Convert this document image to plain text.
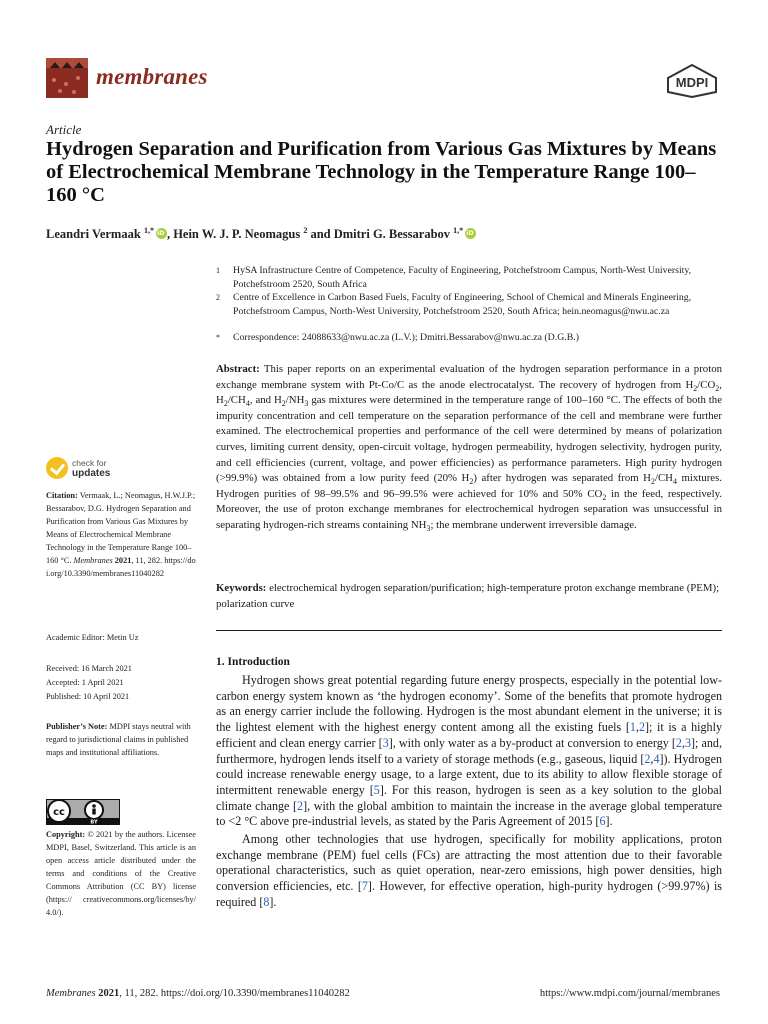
membranes	MDPI
Article
Hydrogen Separation and Purification from Various Gas Mixtures by Means of Electrochemical Membrane Technology in the Temperature Range 100–160 °C
Leandri Vermaak $^{1,*}$iD , Hein W. J. P. Neomagus $^2$ and Dmitri G. Bessarabov $^{1,*}$iD
1	HySA Infrastructure Centre of Competence, Faculty of Engineering, Potchefstroom Campus, North-West University, Potchefstroom 2520, South Africa
2	Centre of Excellence in Carbon Based Fuels, Faculty of Engineering, School of Chemical and Minerals Engineering, Potchefstroom Campus, North-West University, Potchefstroom 2520, South Africa; hein.neomagus@nwu.ac.za
*	Correspondence: 24088633@nwu.ac.za (L.V.); Dmitri.Bessarabov@nwu.ac.za (D.G.B.)
Abstract: This paper reports on an experimental evaluation of the hydrogen separation performance in a proton exchange membrane system with Pt-Co/C as the anode electrocatalyst. The recovery of hydrogen from $H_2/CO_2$, $H_2/CH_4$, and $H_2/NH_3$ gas mixtures were determined in the temperature range of 100–160 °C. The effects of both the impurity concentration and cell temperature on the separation performance of the cell and membrane were further examined. The electrochemical properties and performance of the cell were determined by means of polarization curves, limiting current density, open-circuit voltage, hydrogen permeability, hydrogen selectivity, hydrogen purity, and cell efficiencies (current, voltage, and power efficiencies) as performance parameters. High purity hydrogen (>99.9%) was obtained from a low purity feed (20% $H_2$) after hydrogen was separated from $H_2/CH_4$ mixtures. Hydrogen purities of 98–99.5% and 96–99.5% were achieved for 10% and 50% $CO_2$ in the feed, respectively. Moreover, the use of proton exchange membranes for electrochemical hydrogen separation was unsuccessful in separating hydrogen-rich streams containing $NH_3$; the membrane underwent irreversible damage.
Keywords: electrochemical hydrogen separation/purification; high-temperature proton exchange membrane (PEM); polarization curve
1. Introduction

Hydrogen shows great potential regarding future energy prospects, especially in the potential low-carbon energy system known as ‘the hydrogen economy’. Some of the benefits that promote hydrogen as an energy carrier include the following. Hydrogen is the most abundant element in the universe; it is the lightest element with the highest energy content among all the existing fuels [1,2]; it is a highly efficient and clean energy carrier [3], with only water as a by-product at conversion to energy [2,3]; and, furthermore, hydrogen lends itself to a variety of storage methods (e.g., gaseous, liquid [2,4]). Hydrogen could increase renewable energy usage, to a large extent, due to its ability to allow flexible storage of intermittent renewable energy [5]. For this reason, hydrogen is seen as a key solution to the global climate change [2], with the global ambition to maintain the increase in the average global temperature to <2 °C above pre-industrial levels, as stated by the Paris Agreement of 2015 [6].

Among other technologies that use hydrogen, specifically for mobility applications, proton exchange membrane (PEM) fuel cells (FCs) are attracting the most attention due to their favorable operational characteristics, such as quiet operation, near-zero emissions, high power densities, high conversion efficiencies, etc. [7]. However, for effective operation, high-purity hydrogen (>99.97%) is required [8].

check for
updates
Citation: Vermaak, L.; Neomagus, H.W.J.P.; Bessarabov, D.G. Hydrogen Separation and Purification from Various Gas Mixtures by Means of Electrochemical Membrane Technology in the Temperature Range 100–160 °C. Membranes 2021, 11, 282. https://doi.org/10.3390/membranes11040282
Academic Editor: Metin Uz
Received: 16 March 2021
Accepted: 1 April 2021
Published: 10 April 2021
Publisher’s Note: MDPI stays neutral with regard to jurisdictional claims in published maps and institutional affiliations.
cc
BY
Copyright: © 2021 by the authors. Licensee MDPI, Basel, Switzerland. This article is an open access article distributed under the terms and conditions of the Creative Commons Attribution (CC BY) license (https:// creativecommons.org/licenses/by/ 4.0/).
Membranes 2021, 11, 282. https://doi.org/10.3390/membranes11040282	https://www.mdpi.com/journal/membranes
